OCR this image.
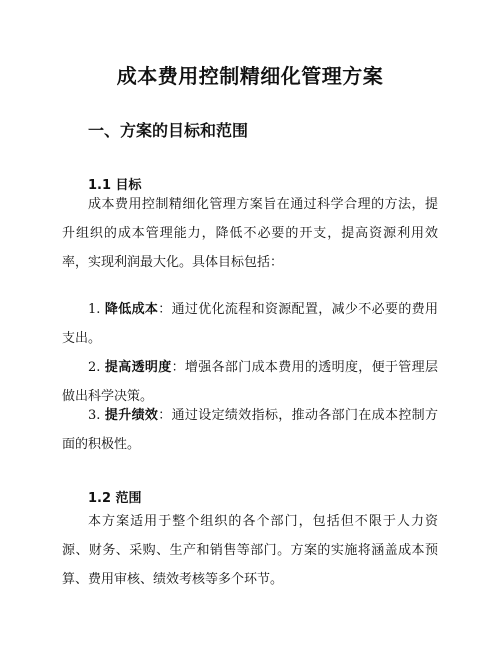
成本费用控制精细化管理方案
一、方案的目标和范围
1.1 目标
成本费用控制精细化管理方案旨在通过科学合理的方法，提升组织的成本管理能力，降低不必要的开支，提高资源利用效率，实现利润最大化。具体目标包括：
1. 降低成本：通过优化流程和资源配置，减少不必要的费用支出。
2. 提高透明度：增强各部门成本费用的透明度，便于管理层做出科学决策。
3. 提升绩效：通过设定绩效指标，推动各部门在成本控制方面的积极性。
1.2 范围
本方案适用于整个组织的各个部门，包括但不限于人力资源、财务、采购、生产和销售等部门。方案的实施将涵盖成本预算、费用审核、绩效考核等多个环节。
